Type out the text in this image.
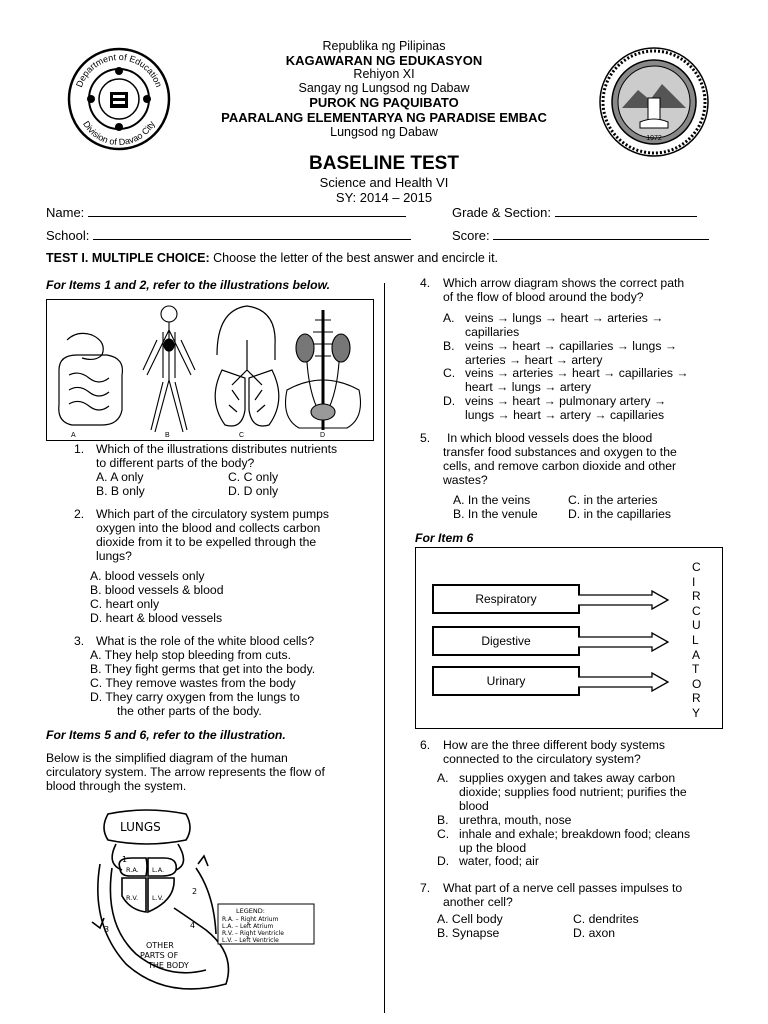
Department of Education
Division of Davao City
1972
Republika ng Pilipinas
KAGAWARAN NG EDUKASYON
Rehiyon XI
Sangay ng Lungsod ng Dabaw
PUROK NG PAQUIBATO
PAARALANG ELEMENTARYA NG PARADISE EMBAC
Lungsod ng Dabaw
BASELINE TEST
Science and Health VI
SY: 2014 – 2015
Name:	Grade & Section:
School:	Score:
TEST I. MULTIPLE CHOICE: Choose the letter of the best answer and encircle it.
For Items 1 and 2, refer to the illustrations below.
A	B	C	D
1. Which of the illustrations distributes nutrients
to different parts of the body?
A. A only	C. C only
B. B only	D. D only
2. Which part of the circulatory system pumps
oxygen into the blood and collects carbon
dioxide from it to be expelled through the
lungs?
A. blood vessels only
B. blood vessels & blood
C. heart only
D. heart & blood vessels
3. What is the role of the white blood cells?
A. They help stop bleeding from cuts.
B. They fight germs that get into the body.
C. They remove wastes from the body
D. They carry oxygen from the lungs to
the other parts of the body.
For Items 5 and 6, refer to the illustration.
Below is the simplified diagram of the human
circulatory system. The arrow represents the flow of
blood through the system.
LUNGS
R.A. L.A.
R.V. L.V.
1
2
3	4
OTHER
PARTS OF
THE BODY
LEGEND:
R.A. – Right Atrium
L.A. – Left Atrium
R.V. – Right Ventricle
L.V. – Left Ventricle
4. Which arrow diagram shows the correct path
of the flow of blood around the body?
A. veins → lungs → heart → arteries →
capillaries
B. veins → heart → capillaries → lungs →
arteries → heart → artery
C. veins → arteries → heart → capillaries →
heart → lungs → artery
D. veins → heart → pulmonary artery →
lungs → heart → artery → capillaries
5. In which blood vessels does the blood
transfer food substances and oxygen to the
cells, and remove carbon dioxide and other
wastes?
A. In the veins	C. in the arteries
B. In the venule D. in the capillaries
For Item 6
Respiratory
Digestive
Urinary
C
I
R
C
U
L
A
T
O
R
Y
6. How are the three different body systems
connected to the circulatory system?
A. supplies oxygen and takes away carbon
dioxide; supplies food nutrient; purifies the
blood
B. urethra, mouth, nose
C. inhale and exhale; breakdown food; cleans
up the blood
D. water, food; air
7. What part of a nerve cell passes impulses to
another cell?
A. Cell body	C. dendrites
B. Synapse	D. axon
